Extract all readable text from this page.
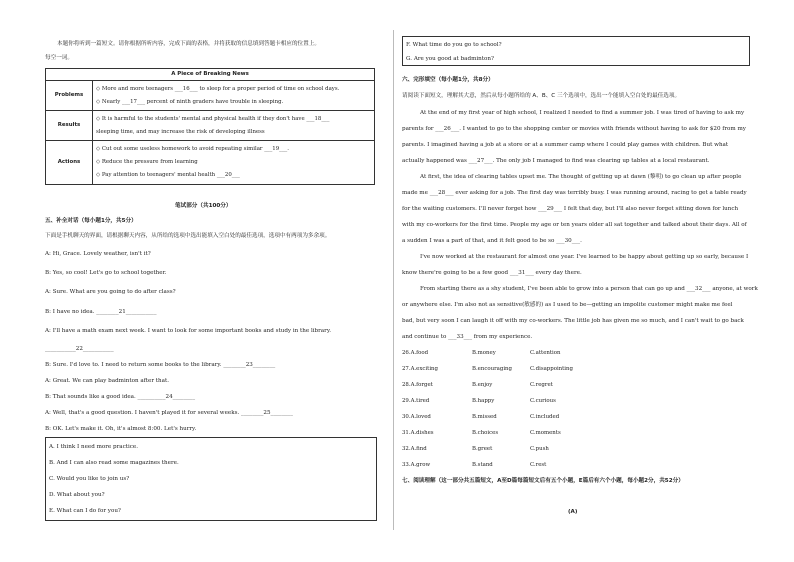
本题你将听到一篇短文。请你根据所听内容，完成下面的表格，并将获取的信息填到答题卡相应的位置上。
每空一词。
A Piece of Breaking News	
Problems	◇ More and more teenagers ___16___ to sleep for a proper period of time on school days.
◇ Nearly ___17___ percent of ninth graders have trouble in sleeping.

Results	◇ It is harmful to the students' mental and physical health if they don't have ___18___
sleeping time, and may increase the risk of developing illness

Actions	◇ Cut out some useless homework to avoid repeating similar ___19___.
◇ Reduce the pressure from learning
◇ Pay attention to teenagers' mental health ___20___
笔试部分（共100分）
五、补全对话（每小题1分，共5分）
下面是手机聊天的界面，请根据聊天内容，从所给的选项中选出能填入空白处的最佳选项，选项中有两项为多余项。
A: Hi, Grace. Lovely weather, isn't it?
B: Yes, so cool! Let's go to school together.
A: Sure. What are you going to do after class?
B: I have no idea. ________21___________
A: I'll have a math exam next week. I want to look for some important books and study in the library.
___________22___________
B: Sure. I'd love to. I need to return some books to the library. ________23________
A: Great. We can play badminton after that.
B: That sounds like a good idea. __________24________
A: Well, that's a good question. I haven't played it for several weeks. ________25________
B: OK. Let's make it. Oh, it's almost 8:00. Let's hurry.
A. I think I need more practice.
B. And I can also read some magazines there.
C. Would you like to join us?
D. What about you?
E. What can I do for you?
F. What time do you go to school?
G. Are you good at badminton?
六、完形填空（每小题1分，共8分）
请阅读下面短文，理解其大意，然后从每小题所给的 A、B、C 三个选项中，选出一个能填入空白处的最佳选项。
At the end of my first year of high school, I realized I needed to find a summer job. I was tired of having to ask my
parents for ___26___. I wanted to go to the shopping center or movies with friends without having to ask for $20 from my
parents. I imagined having a job at a store or at a summer camp where I could play games with children. But what
actually happened was ___27___. The only job I managed to find was clearing up tables at a local restaurant.
At first, the idea of clearing tables upset me. The thought of getting up at dawn (黎明) to go clean up after people
made me ___28___ ever asking for a job. The first day was terribly busy. I was running around, racing to get a table ready
for the waiting customers. I'll never forget how ___29___ I felt that day, but I'll also never forget sitting down for lunch
with my co-workers for the first time. People my age or ten years older all sat together and talked about their days. All of
a sudden I was a part of that, and it felt good to be so ___30___.
I've now worked at the restaurant for almost one year. I've learned to be happy about getting up so early, because I
know there're going to be a few good ___31___ every day there.
From starting there as a shy student, I've been able to grow into a person that can go up and ___32___ anyone, at work
or anywhere else. I'm also not as sensitive(敏感的) as I used to be—getting an impolite customer might make me feel
bad, but very soon I can laugh it off with my co-workers. The little job has given me so much, and I can't wait to go back
and continue to ___33___ from my experience.
26.A.food	B.money	C.attention
27.A.exciting	B.encouraging	C.disappointing
28.A.forget	B.enjoy	C.regret
29.A.tired	B.happy	C.curious
30.A.loved	B.missed	C.included
31.A.dishes	B.choices	C.moments
32.A.find	B.greet	C.push
33.A.grow	B.stand	C.rest
七、阅读理解（这一部分共五篇短文，A至D篇每篇短文后有五个小题，E篇后有六个小题，每小题2分，共52分）
(A)
